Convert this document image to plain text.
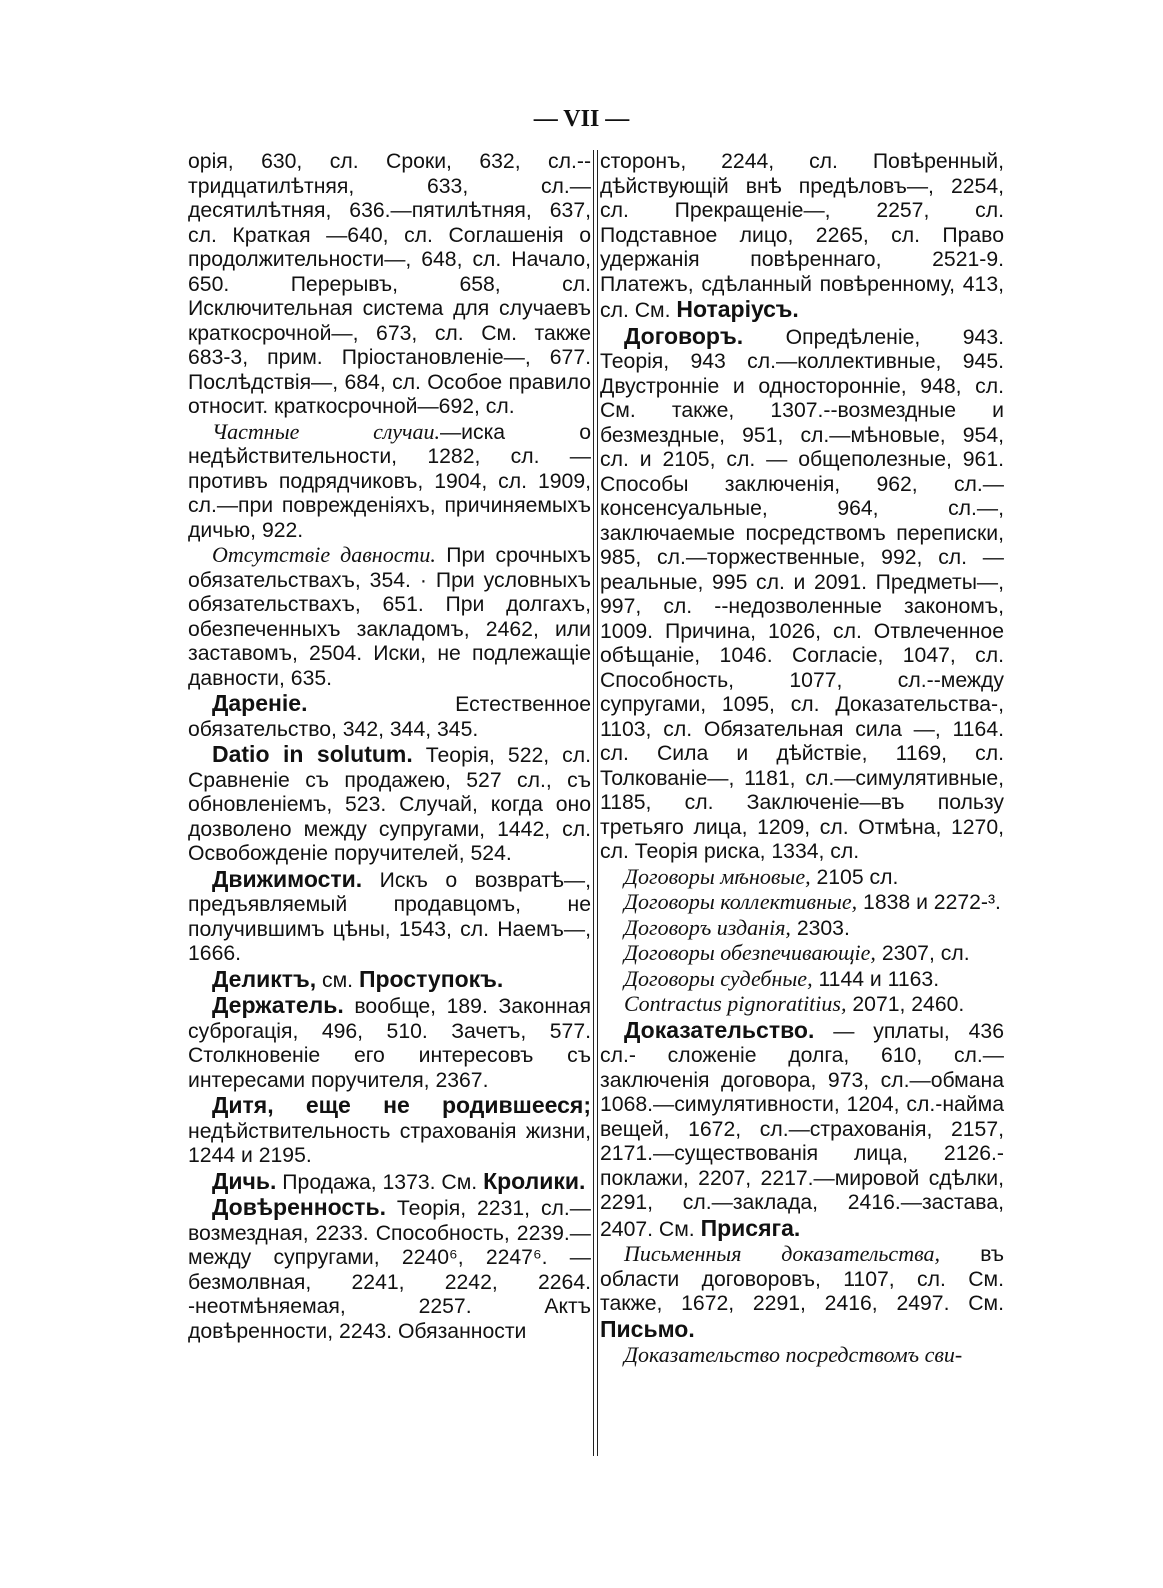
— VII —

орія, 630, сл. Сроки, 632, сл.--тридцатилѣтняя, 633, сл.—десятилѣтняя, 636.—пятилѣтняя, 637, сл. Краткая —640, сл. Соглашенія о продолжительности—, 648, сл. Начало, 650. Перерывъ, 658, сл. Исключительная система для случаевъ краткосрочной—, 673, сл. См. также 683-3, прим. Пріостановленіе—, 677. Послѣдствія—, 684, сл. Особое правило относит. краткосрочной—692, сл.

Частные случаи.—иска о недѣйствительности, 1282, сл. — противъ подрядчиковъ, 1904, сл. 1909, сл.—при поврежденіяхъ, причиняемыхъ дичью, 922.

Отсутствіе давности. При срочныхъ обязательствахъ, 354. · При условныхъ обязательствахъ, 651. При долгахъ, обезпеченныхъ закладомъ, 2462, или заставомъ, 2504. Иски, не подлежащіе давности, 635.

Дареніе. Естественное обязательство, 342, 344, 345.

Datio in solutum. Теорія, 522, сл. Сравненіе съ продажею, 527 сл., съ обновленіемъ, 523. Случай, когда оно дозволено между супругами, 1442, сл. Освобожденіе поручителей, 524.

Движимости. Искъ о возвратѣ—, предъявляемый продавцомъ, не получившимъ цѣны, 1543, сл. Наемъ—, 1666.

Деликтъ, см. Проступокъ.

Держатель. вообще, 189. Законная суброгація, 496, 510. Зачетъ, 577. Столкновеніе его интересовъ съ интересами поручителя, 2367.

Дитя, еще не родившееся; недѣйствительность страхованія жизни, 1244 и 2195.

Дичь. Продажа, 1373. См. Кролики.

Довѣренность. Теорія, 2231, сл.—возмездная, 2233. Способность, 2239.—между супругами, 2240⁶, 2247⁶. — безмолвная, 2241, 2242, 2264. -неотмѣняемая, 2257. Актъ довѣренности, 2243. Обязанности

сторонъ, 2244, сл. Повѣренный, дѣйствующій внѣ предѣловъ—, 2254, сл. Прекращеніе—, 2257, сл. Подставное лицо, 2265, сл. Право удержанія повѣреннаго, 2521-9. Платежъ, сдѣланный повѣренному, 413, сл. См. Нотаріусъ.

Договоръ. Опредѣленіе, 943. Теорія, 943 сл.—коллективные, 945. Двустронніе и односторонніе, 948, сл. См. также, 1307.--возмездные и безмездные, 951, сл.—мѣновые, 954, сл. и 2105, сл. — общеполезные, 961. Способы заключенія, 962, сл.—консенсуальные, 964, сл.—, заключаемые посредствомъ переписки, 985, сл.—торжественные, 992, сл. — реальные, 995 сл. и 2091. Предметы—, 997, сл. --недозволенные закономъ, 1009. Причина, 1026, сл. Отвлеченное обѣщаніе, 1046. Согласіе, 1047, сл. Способность, 1077, сл.--между супругами, 1095, сл. Доказательства-, 1103, сл. Обязательная сила —, 1164. сл. Сила и дѣйствіе, 1169, сл. Толкованіе—, 1181, сл.—симулятивные, 1185, сл. Заключеніе—въ пользу третьяго лица, 1209, сл. Отмѣна, 1270, сл. Теорія риска, 1334, сл.

Договоры мѣновые, 2105 сл.

Договоры коллективные, 1838 и 2272-³.

Договоръ изданія, 2303.

Договоры обезпечивающіе, 2307, сл.

Договоры судебные, 1144 и 1163.

Contractus pignoratitius, 2071, 2460.

Доказательство. — уплаты, 436 сл.- сложеніе долга, 610, сл.—заключенія договора, 973, сл.—обмана 1068.—симулятивности, 1204, сл.-найма вещей, 1672, сл.—страхованія, 2157, 2171.—существованія лица, 2126.- поклажи, 2207, 2217.—мировой сдѣлки, 2291, сл.—заклада, 2416.—застава, 2407. См. Присяга.

Письменныя доказательства, въ области договоровъ, 1107, сл. См. также, 1672, 2291, 2416, 2497. См. Письмо.

Доказательство посредствомъ сви-
